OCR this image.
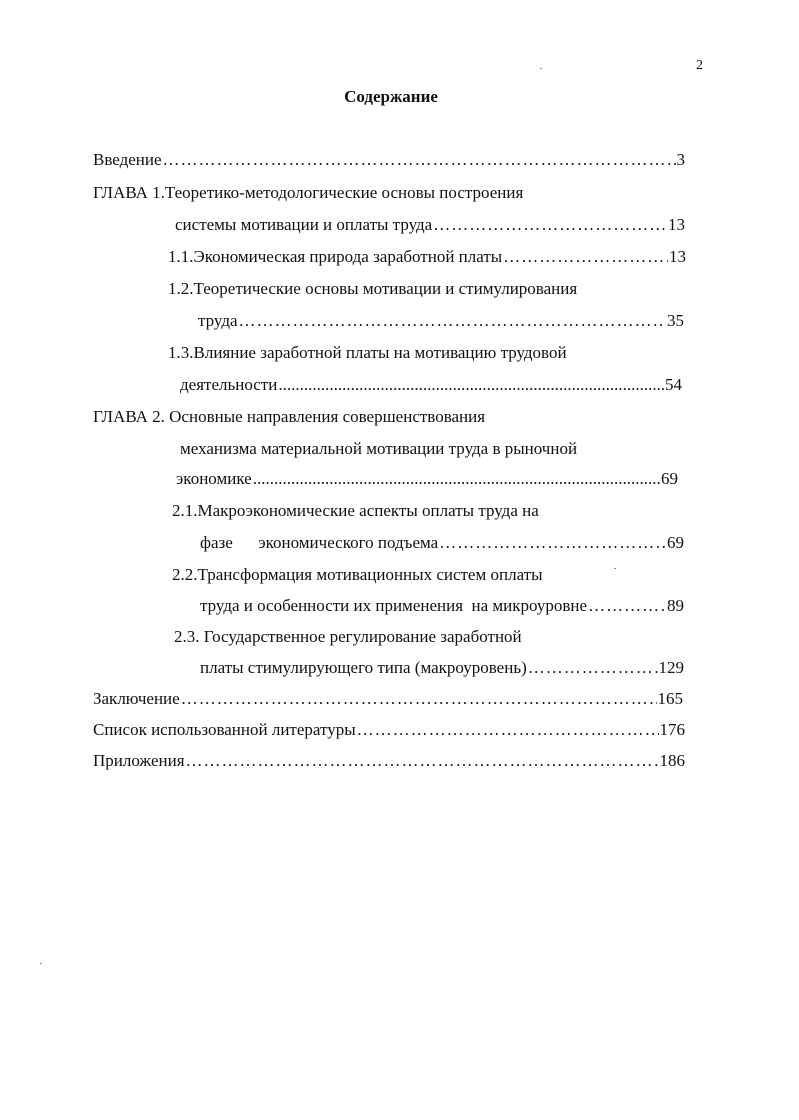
2
Содержание
Введение ……………………………………………………………………………………………………………………………………………………………………	3
ГЛАВА 1.Теоретико-методологические основы построения
системы мотивации и оплаты труда ……………………………………………………………………………………………………………………………………………………………………	13
1.1.Экономическая природа заработной платы ……………………………………………………………………………………………………………………………………………………………………	13
1.2.Теоретические основы мотивации и стимулирования
труда ……………………………………………………………………………………………………………………………………………………………………	35
1.3.Влияние заработной платы на мотивацию трудовой
деятельности .....	54
ГЛАВА 2. Основные направления совершенствования
механизма материальной мотивации труда в рыночной
экономике .....	69
2.1.Макроэкономические аспекты оплаты труда на
фазе      экономического подъема ……………………………………………………………………………………………………………………………………………………………………	69
2.2.Трансформация мотивационных систем оплаты
труда и особенности их применения  на микроуровне ……………………………………………………………………………………………………………………………………………………………………	89
2.3. Государственное регулирование заработной
платы стимулирующего типа (макроуровень) ……………………………………………………………………………………………………………………………………………………………………	129
Заключение ……………………………………………………………………………………………………………………………………………………………………	165
Список использованной литературы ……………………………………………………………………………………………………………………………………………………………………	176
Приложения ……………………………………………………………………………………………………………………………………………………………………	186
